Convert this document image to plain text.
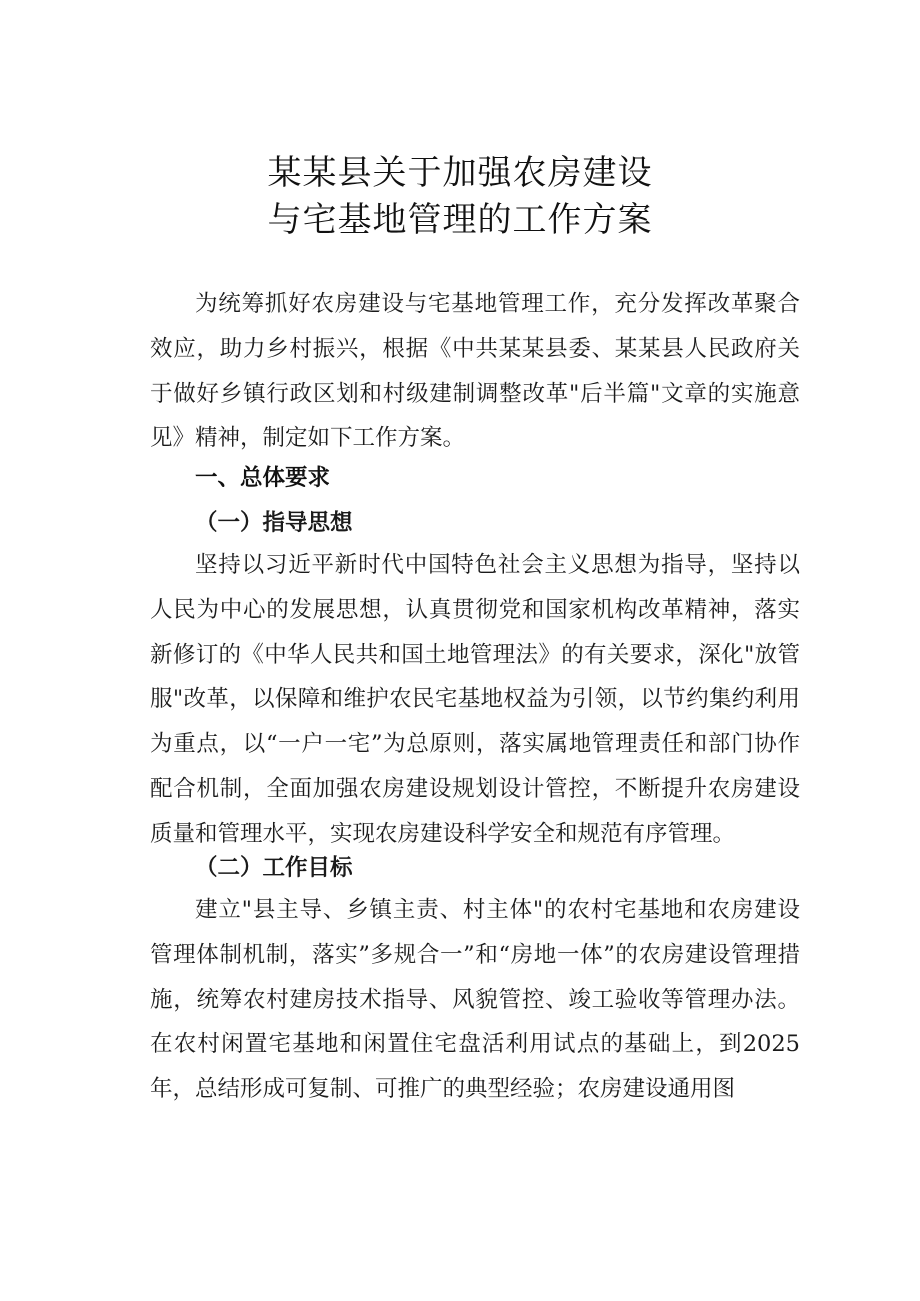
某某县关于加强农房建设
与宅基地管理的工作方案

为统筹抓好农房建设与宅基地管理工作，充分发挥改革聚合效应，助力乡村振兴，根据《中共某某县委、某某县人民政府关于做好乡镇行政区划和村级建制调整改革"后半篇"文章的实施意见》精神，制定如下工作方案。

一、总体要求
（一）指导思想

坚持以习近平新时代中国特色社会主义思想为指导，坚持以人民为中心的发展思想，认真贯彻党和国家机构改革精神，落实新修订的《中华人民共和国土地管理法》的有关要求，深化"放管服"改革，以保障和维护农民宅基地权益为引领，以节约集约利用为重点，以“一户一宅”为总原则，落实属地管理责任和部门协作配合机制，全面加强农房建设规划设计管控，不断提升农房建设质量和管理水平，实现农房建设科学安全和规范有序管理。

（二）工作目标

建立"县主导、乡镇主责、村主体"的农村宅基地和农房建设管理体制机制，落实”多规合一”和“房地一体”的农房建设管理措施，统筹农村建房技术指导、风貌管控、竣工验收等管理办法。在农村闲置宅基地和闲置住宅盘活利用试点的基础上，到2025年，总结形成可复制、可推广的典型经验；农房建设通用图
